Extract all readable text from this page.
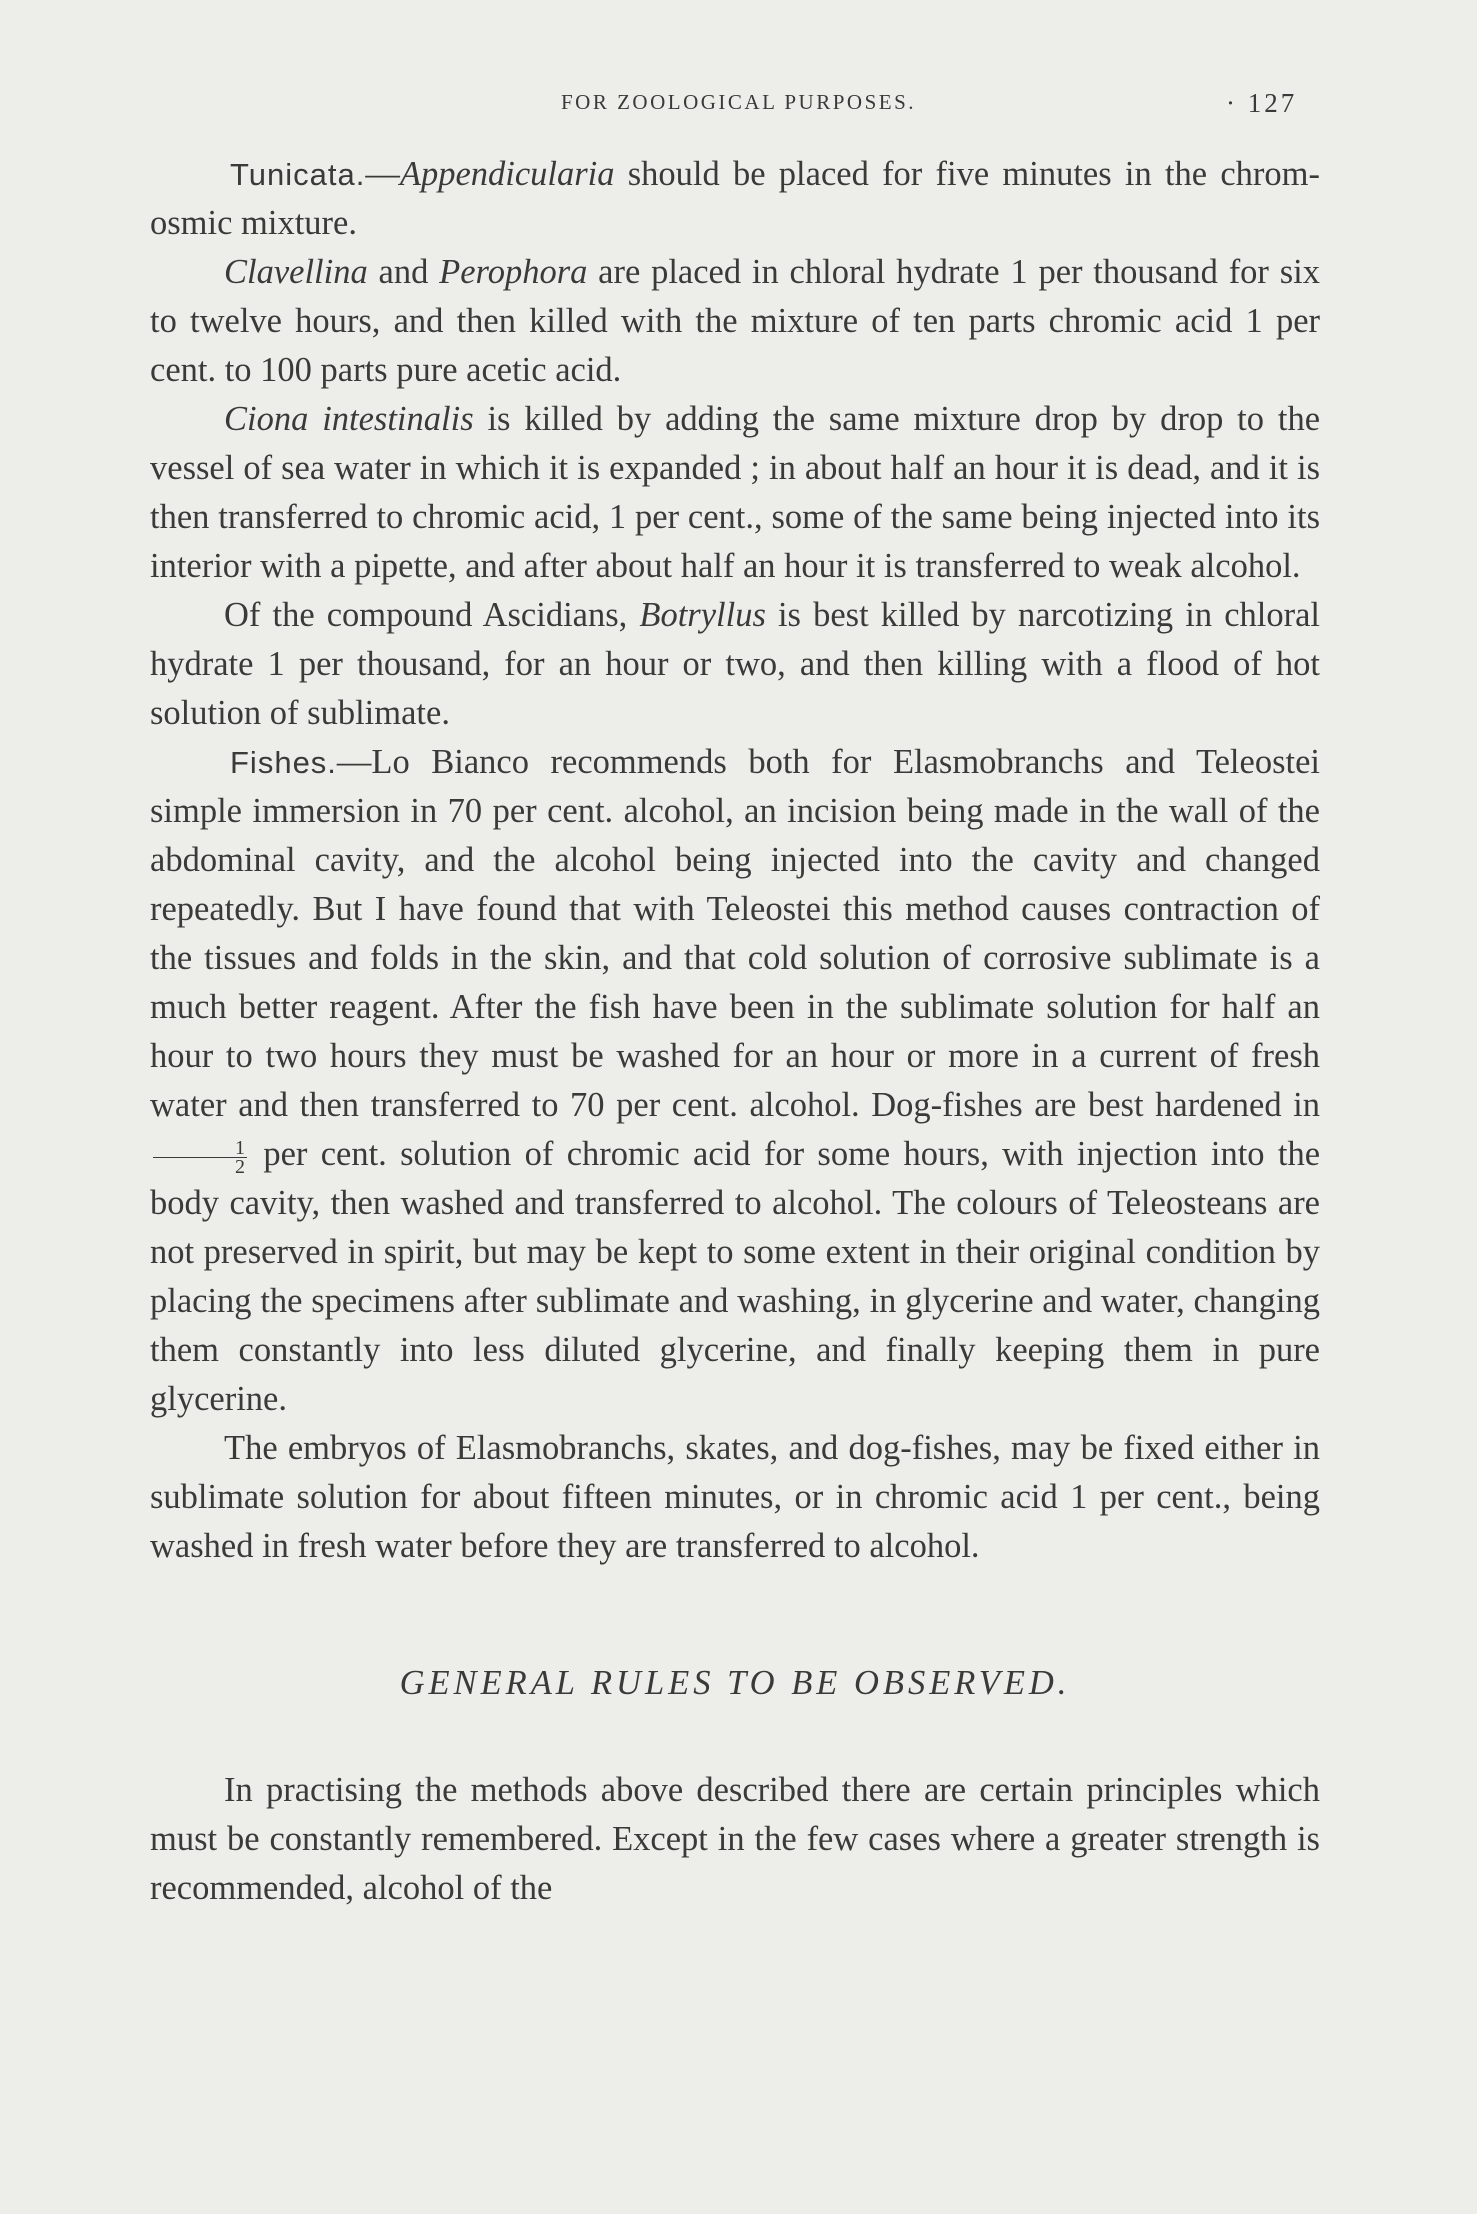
FOR ZOOLOGICAL PURPOSES.	· 127

Tunicata.—Appendicularia should be placed for five minutes in the chrom-osmic mixture.

Clavellina and Perophora are placed in chloral hydrate 1 per thousand for six to twelve hours, and then killed with the mixture of ten parts chromic acid 1 per cent. to 100 parts pure acetic acid.

Ciona intestinalis is killed by adding the same mixture drop by drop to the vessel of sea water in which it is expanded ; in about half an hour it is dead, and it is then transferred to chromic acid, 1 per cent., some of the same being injected into its interior with a pipette, and after about half an hour it is transferred to weak alcohol.

Of the compound Ascidians, Botryllus is best killed by narcotizing in chloral hydrate 1 per thousand, for an hour or two, and then killing with a flood of hot solution of sublimate.

Fishes.—Lo Bianco recommends both for Elasmobranchs and Teleostei simple immersion in 70 per cent. alcohol, an incision being made in the wall of the abdominal cavity, and the alcohol being injected into the cavity and changed repeatedly. But I have found that with Teleostei this method causes contraction of the tissues and folds in the skin, and that cold solution of corrosive sublimate is a much better reagent. After the fish have been in the sublimate solution for half an hour to two hours they must be washed for an hour or more in a current of fresh water and then transferred to 70 per cent. alcohol. Dog-fishes are best hardened in
$\frac{1}{2}$ per cent. solution of chromic acid for some hours, with injection into the body cavity, then washed and transferred to alcohol. The colours of Teleosteans are not preserved in spirit, but may be kept to some extent in their original condition by placing the specimens after sublimate and washing, in glycerine and water, changing them constantly into less diluted glycerine, and finally keeping them in pure glycerine.

The embryos of Elasmobranchs, skates, and dog-fishes, may be fixed either in sublimate solution for about fifteen minutes, or in chromic acid 1 per cent., being washed in fresh water before they are transferred to alcohol.

GENERAL RULES TO BE OBSERVED.

In practising the methods above described there are certain principles which must be constantly remembered. Except in the few cases where a greater strength is recommended, alcohol of the
